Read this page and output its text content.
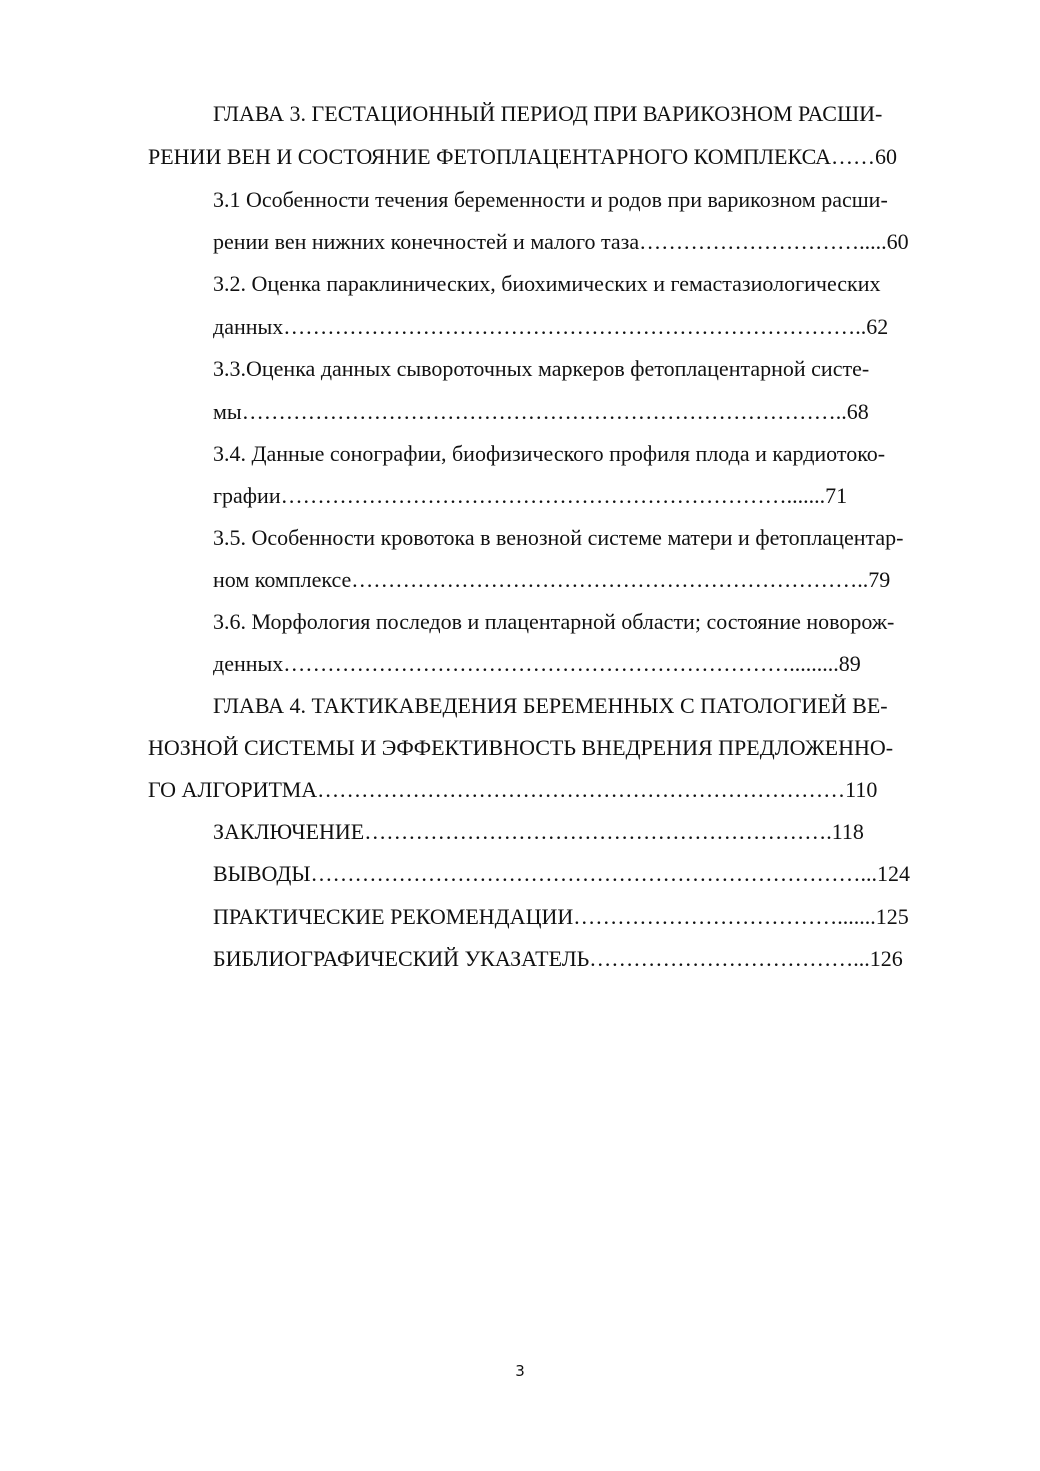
ГЛАВА 3. ГЕСТАЦИОННЫЙ ПЕРИОД ПРИ ВАРИКОЗНОМ РАСШИ-
РЕНИИ ВЕН И СОСТОЯНИЕ ФЕТОПЛАЦЕНТАРНОГО КОМПЛЕКСА……60
3.1 Особенности течения беременности и родов при варикозном расши-
рении вен нижних конечностей и малого таза………………………….....60
3.2. Оценка параклинических, биохимических и гемастазиологических
данных……………………………………………………………………..62
3.3.Оценка данных сывороточных маркеров фетоплацентарной систе-
мы………………………………………………………………………..68
3.4. Данные сонографии, биофизического профиля плода и кардиотоко-
графии…………………………………………………………….......71
3.5. Особенности кровотока в венозной системе матери и фетоплацентар-
ном комплексе……………………………………………………………..79
3.6. Морфология последов и плацентарной области; состояние новорож-
денных…………………………………………………………….........89
ГЛАВА 4. ТАКТИКАВЕДЕНИЯ БЕРЕМЕННЫХ С ПАТОЛОГИЕЙ ВЕ-
НОЗНОЙ СИСТЕМЫ И ЭФФЕКТИВНОСТЬ ВНЕДРЕНИЯ ПРЕДЛОЖЕННО-
ГО АЛГОРИТМА………………………………………………………………110
ЗАКЛЮЧЕНИЕ……………………………………………………….118
ВЫВОДЫ…………………………………………………………………...124
ПРАКТИЧЕСКИЕ РЕКОМЕНДАЦИИ……………………………….......125
БИБЛИОГРАФИЧЕСКИЙ УКАЗАТЕЛЬ………………………………...126
3
